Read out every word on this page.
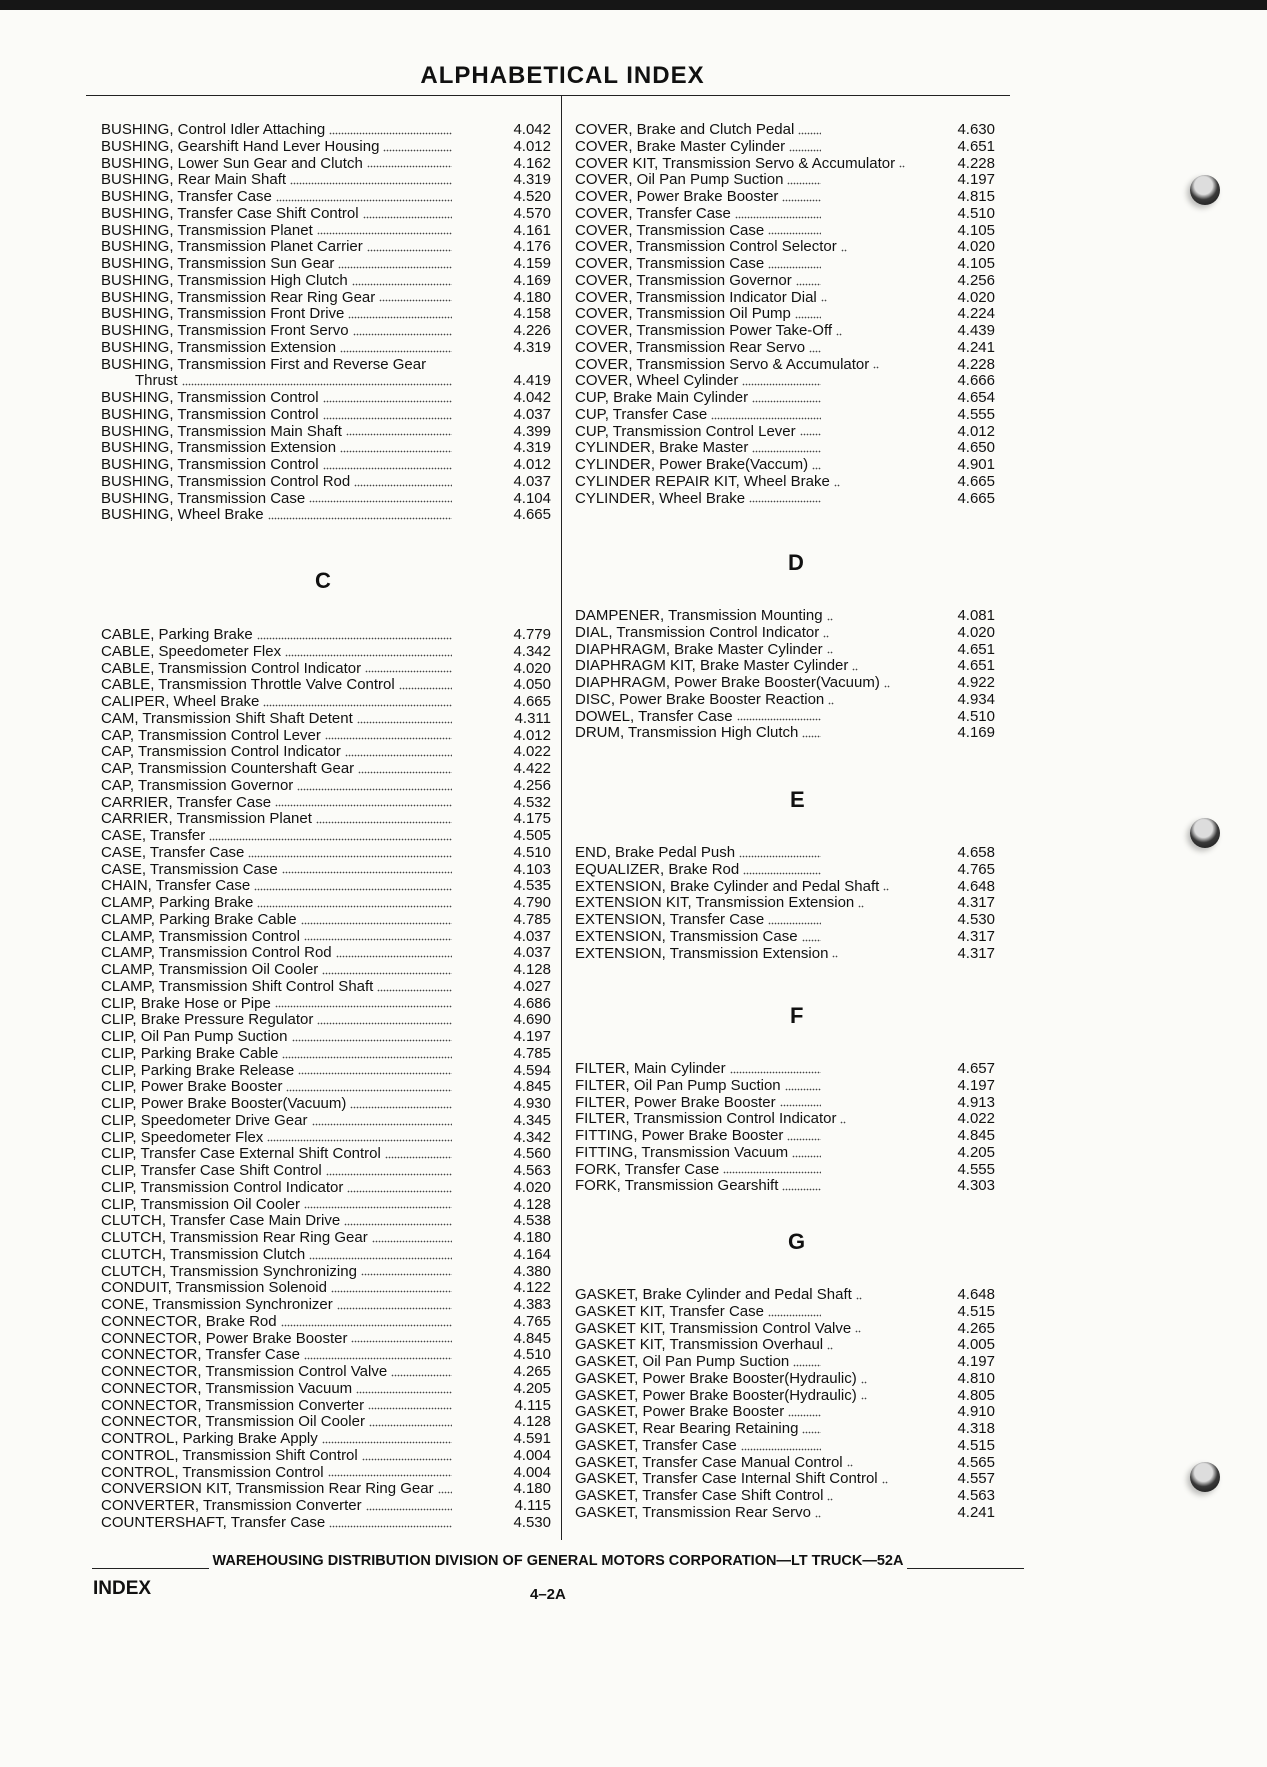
ALPHABETICAL INDEX
BUSHING, Control Idler Attaching	4.042
BUSHING, Gearshift Hand Lever Housing	4.012
BUSHING, Lower Sun Gear and Clutch	4.162
BUSHING, Rear Main Shaft	4.319
BUSHING, Transfer Case	4.520
BUSHING, Transfer Case Shift Control	4.570
BUSHING, Transmission Planet	4.161
BUSHING, Transmission Planet Carrier	4.176
BUSHING, Transmission Sun Gear	4.159
BUSHING, Transmission High Clutch	4.169
BUSHING, Transmission Rear Ring Gear	4.180
BUSHING, Transmission Front Drive	4.158
BUSHING, Transmission Front Servo	4.226
BUSHING, Transmission Extension	4.319
BUSHING, Transmission First and Reverse Gear
Thrust	4.419
BUSHING, Transmission Control	4.042
BUSHING, Transmission Control	4.037
BUSHING, Transmission Main Shaft	4.399
BUSHING, Transmission Extension	4.319
BUSHING, Transmission Control	4.012
BUSHING, Transmission Control Rod	4.037
BUSHING, Transmission Case	4.104
BUSHING, Wheel Brake	4.665
C
CABLE, Parking Brake	4.779
CABLE, Speedometer Flex	4.342
CABLE, Transmission Control Indicator	4.020
CABLE, Transmission Throttle Valve Control	4.050
CALIPER, Wheel Brake	4.665
CAM, Transmission Shift Shaft Detent	4.311
CAP, Transmission Control Lever	4.012
CAP, Transmission Control Indicator	4.022
CAP, Transmission Countershaft Gear	4.422
CAP, Transmission Governor	4.256
CARRIER, Transfer Case	4.532
CARRIER, Transmission Planet	4.175
CASE, Transfer	4.505
CASE, Transfer Case	4.510
CASE, Transmission Case	4.103
CHAIN, Transfer Case	4.535
CLAMP, Parking Brake	4.790
CLAMP, Parking Brake Cable	4.785
CLAMP, Transmission Control	4.037
CLAMP, Transmission Control Rod	4.037
CLAMP, Transmission Oil Cooler	4.128
CLAMP, Transmission Shift Control Shaft	4.027
CLIP, Brake Hose or Pipe	4.686
CLIP, Brake Pressure Regulator	4.690
CLIP, Oil Pan Pump Suction	4.197
CLIP, Parking Brake Cable	4.785
CLIP, Parking Brake Release	4.594
CLIP, Power Brake Booster	4.845
CLIP, Power Brake Booster(Vacuum)	4.930
CLIP, Speedometer Drive Gear	4.345
CLIP, Speedometer Flex	4.342
CLIP, Transfer Case External Shift Control	4.560
CLIP, Transfer Case Shift Control	4.563
CLIP, Transmission Control Indicator	4.020
CLIP, Transmission Oil Cooler	4.128
CLUTCH, Transfer Case Main Drive	4.538
CLUTCH, Transmission Rear Ring Gear	4.180
CLUTCH, Transmission Clutch	4.164
CLUTCH, Transmission Synchronizing	4.380
CONDUIT, Transmission Solenoid	4.122
CONE, Transmission Synchronizer	4.383
CONNECTOR, Brake Rod	4.765
CONNECTOR, Power Brake Booster	4.845
CONNECTOR, Transfer Case	4.510
CONNECTOR, Transmission Control Valve	4.265
CONNECTOR, Transmission Vacuum	4.205
CONNECTOR, Transmission Converter	4.115
CONNECTOR, Transmission Oil Cooler	4.128
CONTROL, Parking Brake Apply	4.591
CONTROL, Transmission Shift Control	4.004
CONTROL, Transmission Control	4.004
CONVERSION KIT, Transmission Rear Ring Gear	4.180
CONVERTER, Transmission Converter	4.115
COUNTERSHAFT, Transfer Case	4.530
COVER, Brake and Clutch Pedal	4.630
COVER, Brake Master Cylinder	4.651
COVER KIT, Transmission Servo & Accumulator	4.228
COVER, Oil Pan Pump Suction	4.197
COVER, Power Brake Booster	4.815
COVER, Transfer Case	4.510
COVER, Transmission Case	4.105
COVER, Transmission Control Selector	4.020
COVER, Transmission Case	4.105
COVER, Transmission Governor	4.256
COVER, Transmission Indicator Dial	4.020
COVER, Transmission Oil Pump	4.224
COVER, Transmission Power Take-Off	4.439
COVER, Transmission Rear Servo	4.241
COVER, Transmission Servo & Accumulator	4.228
COVER, Wheel Cylinder	4.666
CUP, Brake Main Cylinder	4.654
CUP, Transfer Case	4.555
CUP, Transmission Control Lever	4.012
CYLINDER, Brake Master	4.650
CYLINDER, Power Brake(Vaccum)	4.901
CYLINDER REPAIR KIT, Wheel Brake	4.665
CYLINDER, Wheel Brake	4.665
D
DAMPENER, Transmission Mounting	4.081
DIAL, Transmission Control Indicator	4.020
DIAPHRAGM, Brake Master Cylinder	4.651
DIAPHRAGM KIT, Brake Master Cylinder	4.651
DIAPHRAGM, Power Brake Booster(Vacuum)	4.922
DISC, Power Brake Booster Reaction	4.934
DOWEL, Transfer Case	4.510
DRUM, Transmission High Clutch	4.169
E
END, Brake Pedal Push	4.658
EQUALIZER, Brake Rod	4.765
EXTENSION, Brake Cylinder and Pedal Shaft	4.648
EXTENSION KIT, Transmission Extension	4.317
EXTENSION, Transfer Case	4.530
EXTENSION, Transmission Case	4.317
EXTENSION, Transmission Extension	4.317
F
FILTER, Main Cylinder	4.657
FILTER, Oil Pan Pump Suction	4.197
FILTER, Power Brake Booster	4.913
FILTER, Transmission Control Indicator	4.022
FITTING, Power Brake Booster	4.845
FITTING, Transmission Vacuum	4.205
FORK, Transfer Case	4.555
FORK, Transmission Gearshift	4.303
G
GASKET, Brake Cylinder and Pedal Shaft	4.648
GASKET KIT, Transfer Case	4.515
GASKET KIT, Transmission Control Valve	4.265
GASKET KIT, Transmission Overhaul	4.005
GASKET, Oil Pan Pump Suction	4.197
GASKET, Power Brake Booster(Hydraulic)	4.810
GASKET, Power Brake Booster(Hydraulic)	4.805
GASKET, Power Brake Booster	4.910
GASKET, Rear Bearing Retaining	4.318
GASKET, Transfer Case	4.515
GASKET, Transfer Case Manual Control	4.565
GASKET, Transfer Case Internal Shift Control	4.557
GASKET, Transfer Case Shift Control	4.563
GASKET, Transmission Rear Servo	4.241
WAREHOUSING DISTRIBUTION DIVISION OF GENERAL MOTORS CORPORATION—LT TRUCK—52A
INDEX	4–2A
